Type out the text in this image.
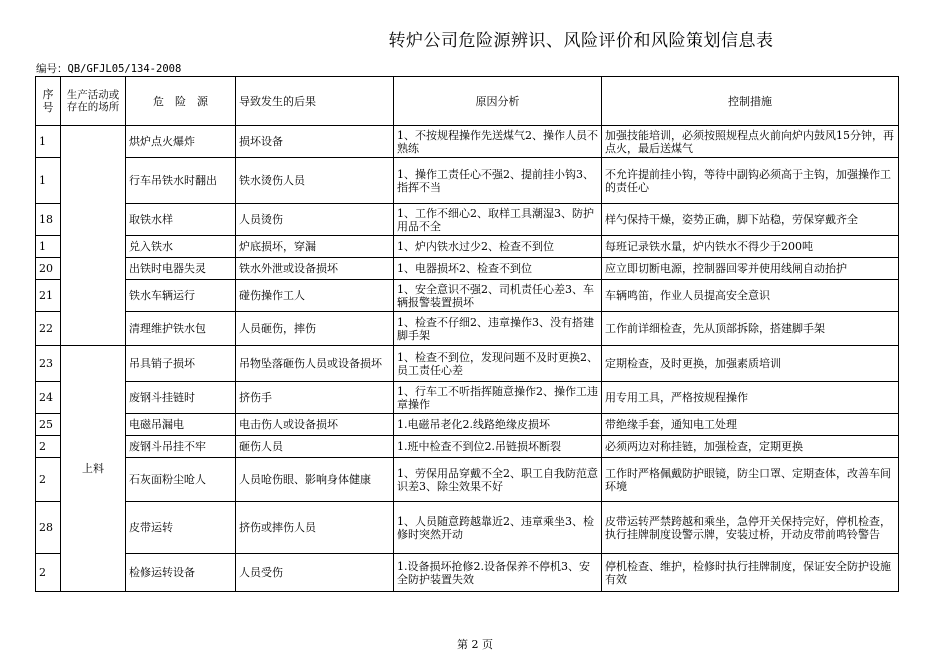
转炉公司危险源辨识、风险评价和风险策划信息表
编号：QB/GFJL05/134-2008
序号	生产活动或存在的场所	危　险　源	导致发生的后果	原因分析	控制措施
1		烘炉点火爆炸	损坏设备	1、不按规程操作先送煤气2、操作人员不熟练	加强技能培训，必须按照规程点火前向炉内鼓风15分钟，再点火，最后送煤气
1		行车吊铁水时翻出	铁水烫伤人员	1、操作工责任心不强2、提前挂小钩3、指挥不当	不允许提前挂小钩，等待中副钩必须高于主钩，加强操作工的责任心
18		取铁水样	人员烫伤	1、工作不细心2、取样工具潮湿3、防护用品不全	样勺保持干燥，姿势正确，脚下站稳，劳保穿戴齐全
1		兑入铁水	炉底损坏，穿漏	1、炉内铁水过少2、检查不到位	每班记录铁水量，炉内铁水不得少于200吨
20		出铁时电器失灵	铁水外泄或设备损坏	1、电器损坏2、检查不到位	应立即切断电源，控制器回零并使用线闸自动抬护
21		铁水车辆运行	碰伤操作工人	1、安全意识不强2、司机责任心差3、车辆报警装置损坏	车辆鸣笛，作业人员提高安全意识
22		清理维护铁水包	人员砸伤，摔伤	1、检查不仔细2、违章操作3、没有搭建脚手架	工作前详细检查，先从顶部拆除，搭建脚手架
23	上料	吊具销子损坏	吊物坠落砸伤人员或设备损坏	1、检查不到位，发现问题不及时更换2、员工责任心差	定期检查，及时更换，加强素质培训
24		废钢斗挂链时	挤伤手	1、行车工不听指挥随意操作2、操作工违章操作	用专用工具，严格按规程操作
25		电磁吊漏电	电击伤人或设备损坏	1.电磁吊老化2.线路绝缘皮损坏	带绝缘手套，通知电工处理
2		废钢斗吊挂不牢	砸伤人员	1.班中检查不到位2.吊链损坏断裂	必须两边对称挂链，加强检查，定期更换
2		石灰面粉尘呛人	人员呛伤眼、影响身体健康	1、劳保用品穿戴不全2、职工自我防范意识差3、除尘效果不好	工作时严格佩戴防护眼镜，防尘口罩、定期查体，改善车间环境
28		皮带运转	挤伤或摔伤人员	1、人员随意跨越靠近2、违章乘坐3、检修时突然开动	皮带运转严禁跨越和乘坐，急停开关保持完好，停机检查，执行挂牌制度设警示牌，安装过桥，开动皮带前鸣铃警告
2		检修运转设备	人员受伤	1.设备损坏抢修2.设备保养不停机3、安全防护装置失效	停机检查、维护，检修时执行挂牌制度，保证安全防护设施有效
第 2 页
